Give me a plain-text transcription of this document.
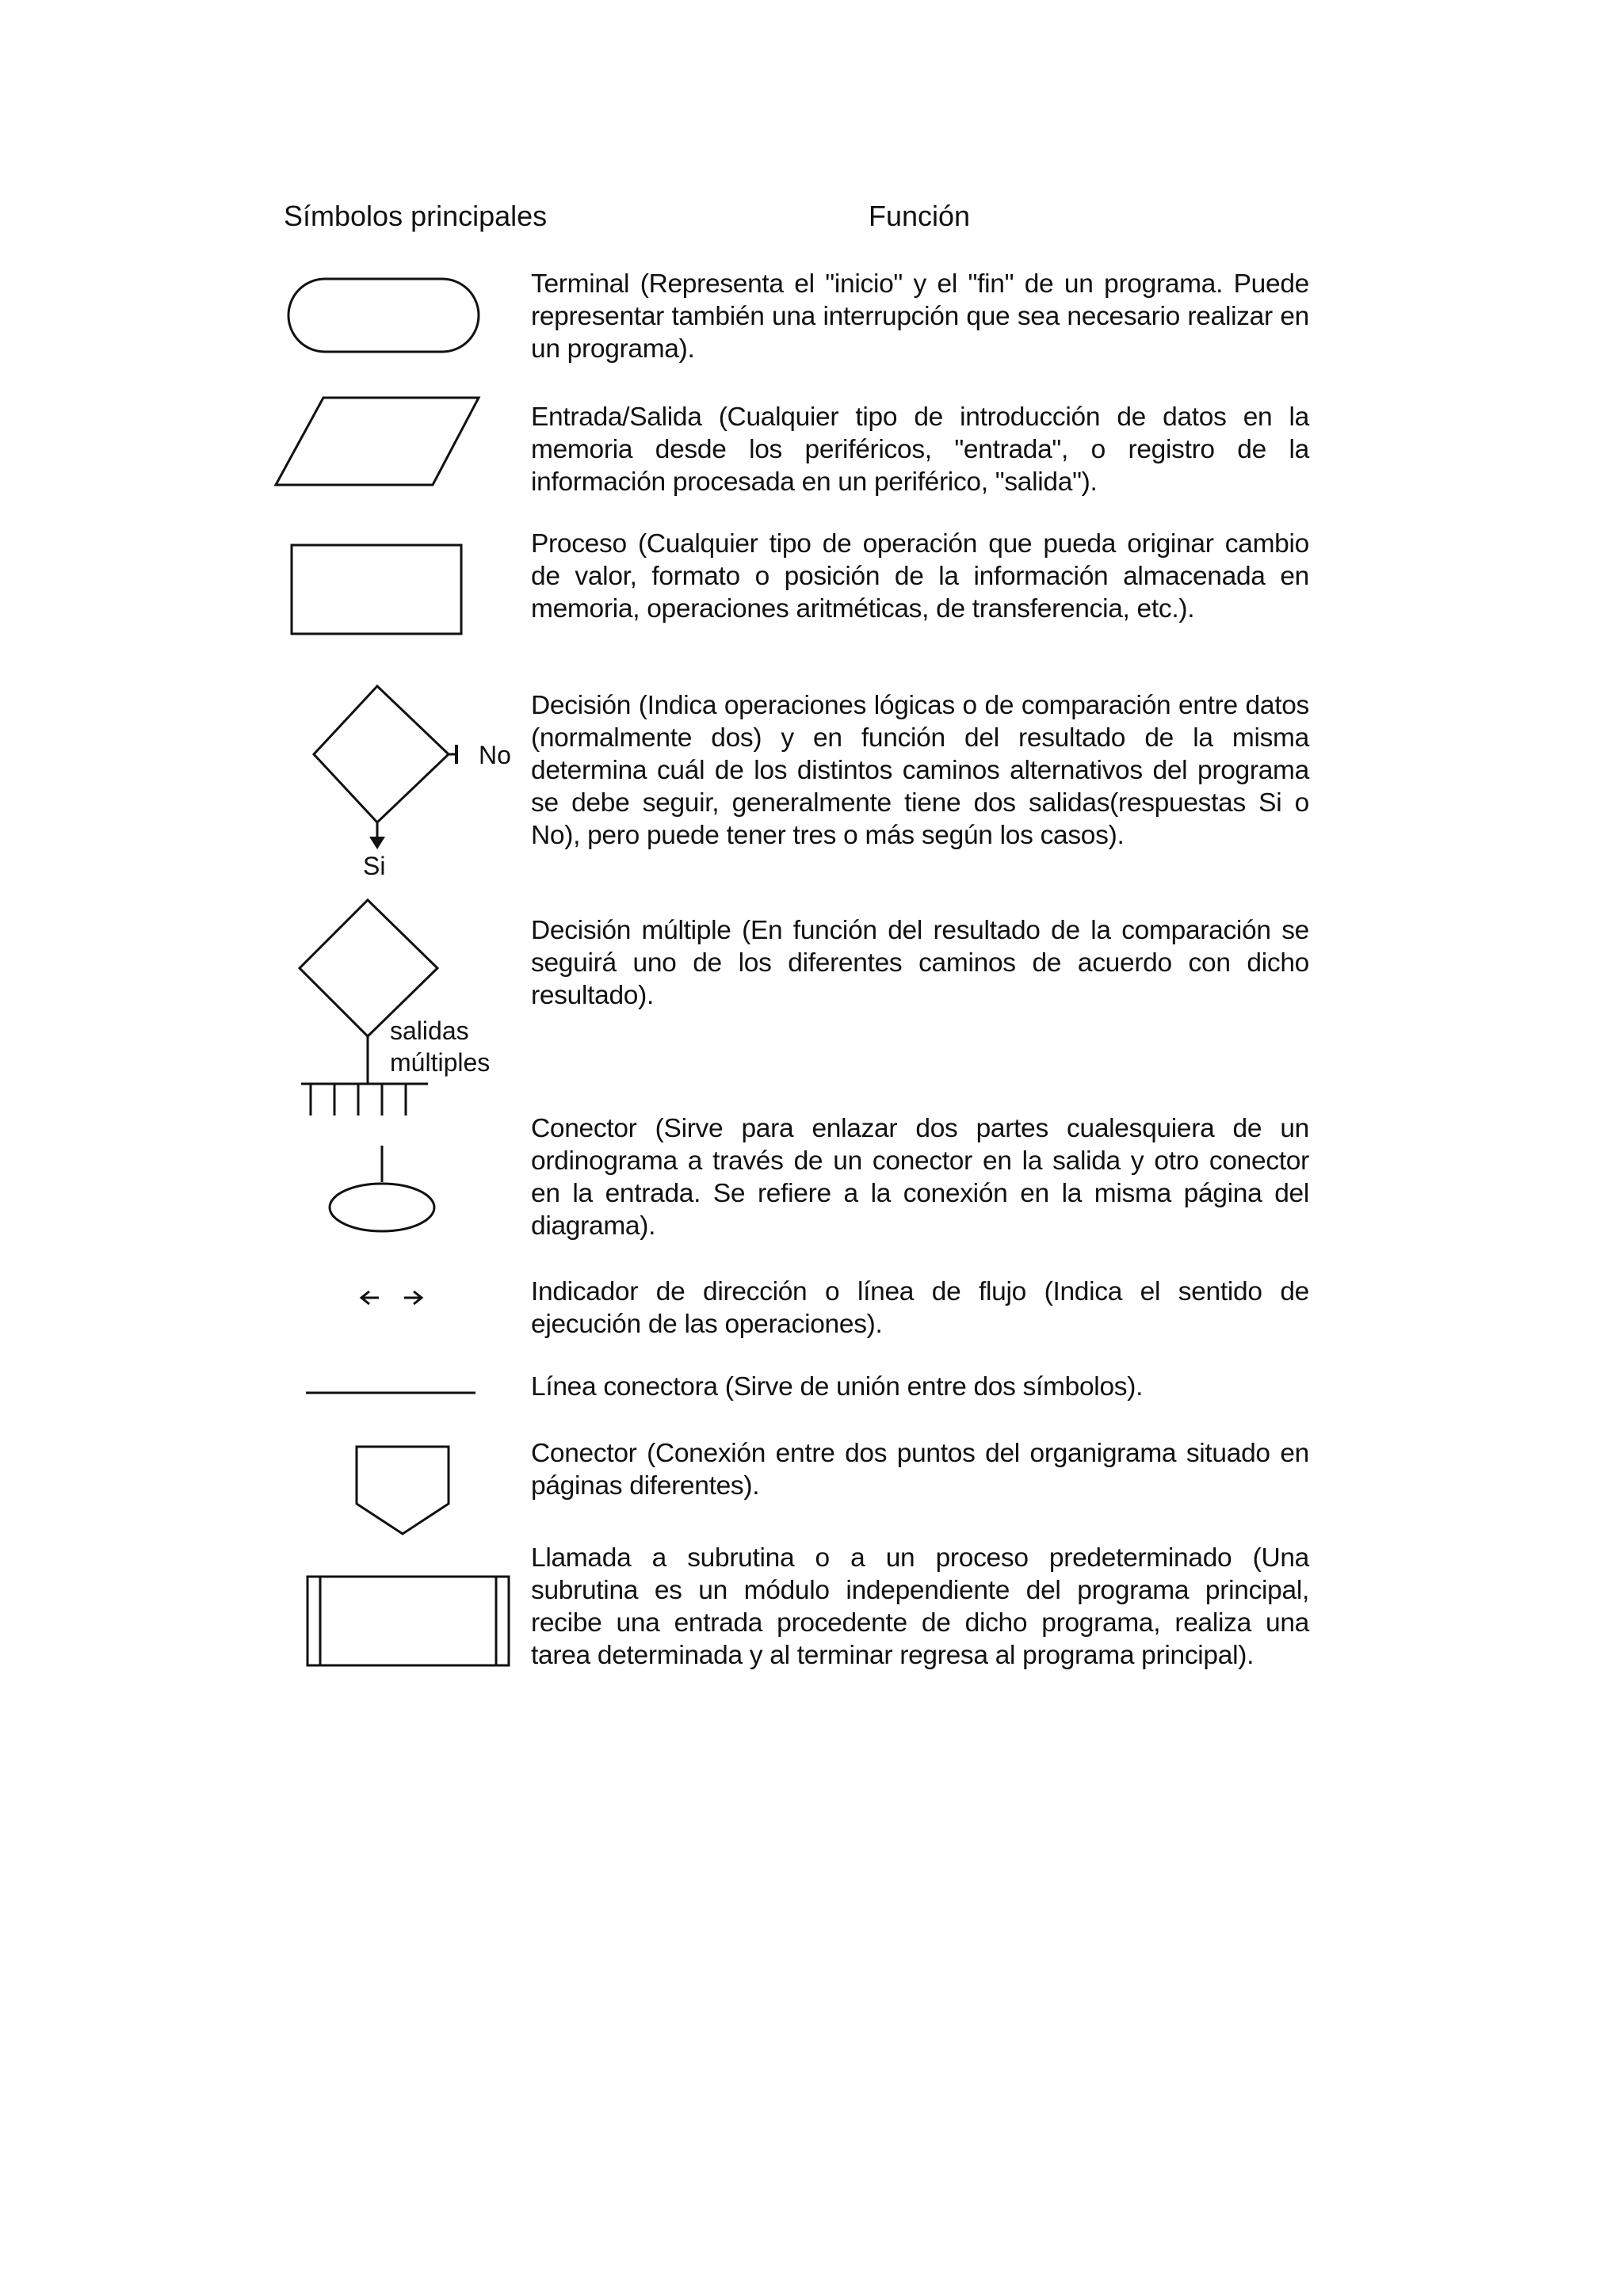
Símbolos principales	Función
Terminal (Representa el "inicio" y el "fin" de un programa. Puede representar también una interrupción que sea necesario realizar en un programa).
Entrada/Salida (Cualquier tipo de introducción de datos en la memoria desde los periféricos, "entrada", o registro de la información procesada en un periférico, "salida").
Proceso (Cualquier tipo de operación que pueda originar cambio de valor, formato o posición de la información almacenada en memoria, operaciones aritméticas, de transferencia, etc.).
No
Si
Decisión (Indica operaciones lógicas o de comparación entre datos (normalmente dos) y en función del resultado de la misma determina cuál de los distintos caminos alternativos del programa se debe seguir, generalmente tiene dos salidas(respuestas Si o No), pero puede tener tres o más según los casos).
salidas
múltiples
Decisión múltiple (En función del resultado de la comparación se seguirá uno de los diferentes caminos de acuerdo con dicho resultado).
Conector (Sirve para enlazar dos partes cualesquiera de un ordinograma a través de un conector en la salida y otro conector en la entrada. Se refiere a la conexión en la misma página del diagrama).
Indicador de dirección o línea de flujo (Indica el sentido de ejecución de las operaciones).
Línea conectora (Sirve de unión entre dos símbolos).
Conector (Conexión entre dos puntos del organigrama situado en páginas diferentes).
Llamada a subrutina o a un proceso predeterminado (Una subrutina es un módulo independiente del programa principal, recibe una entrada procedente de dicho programa, realiza una tarea determinada y al terminar regresa al programa principal).
